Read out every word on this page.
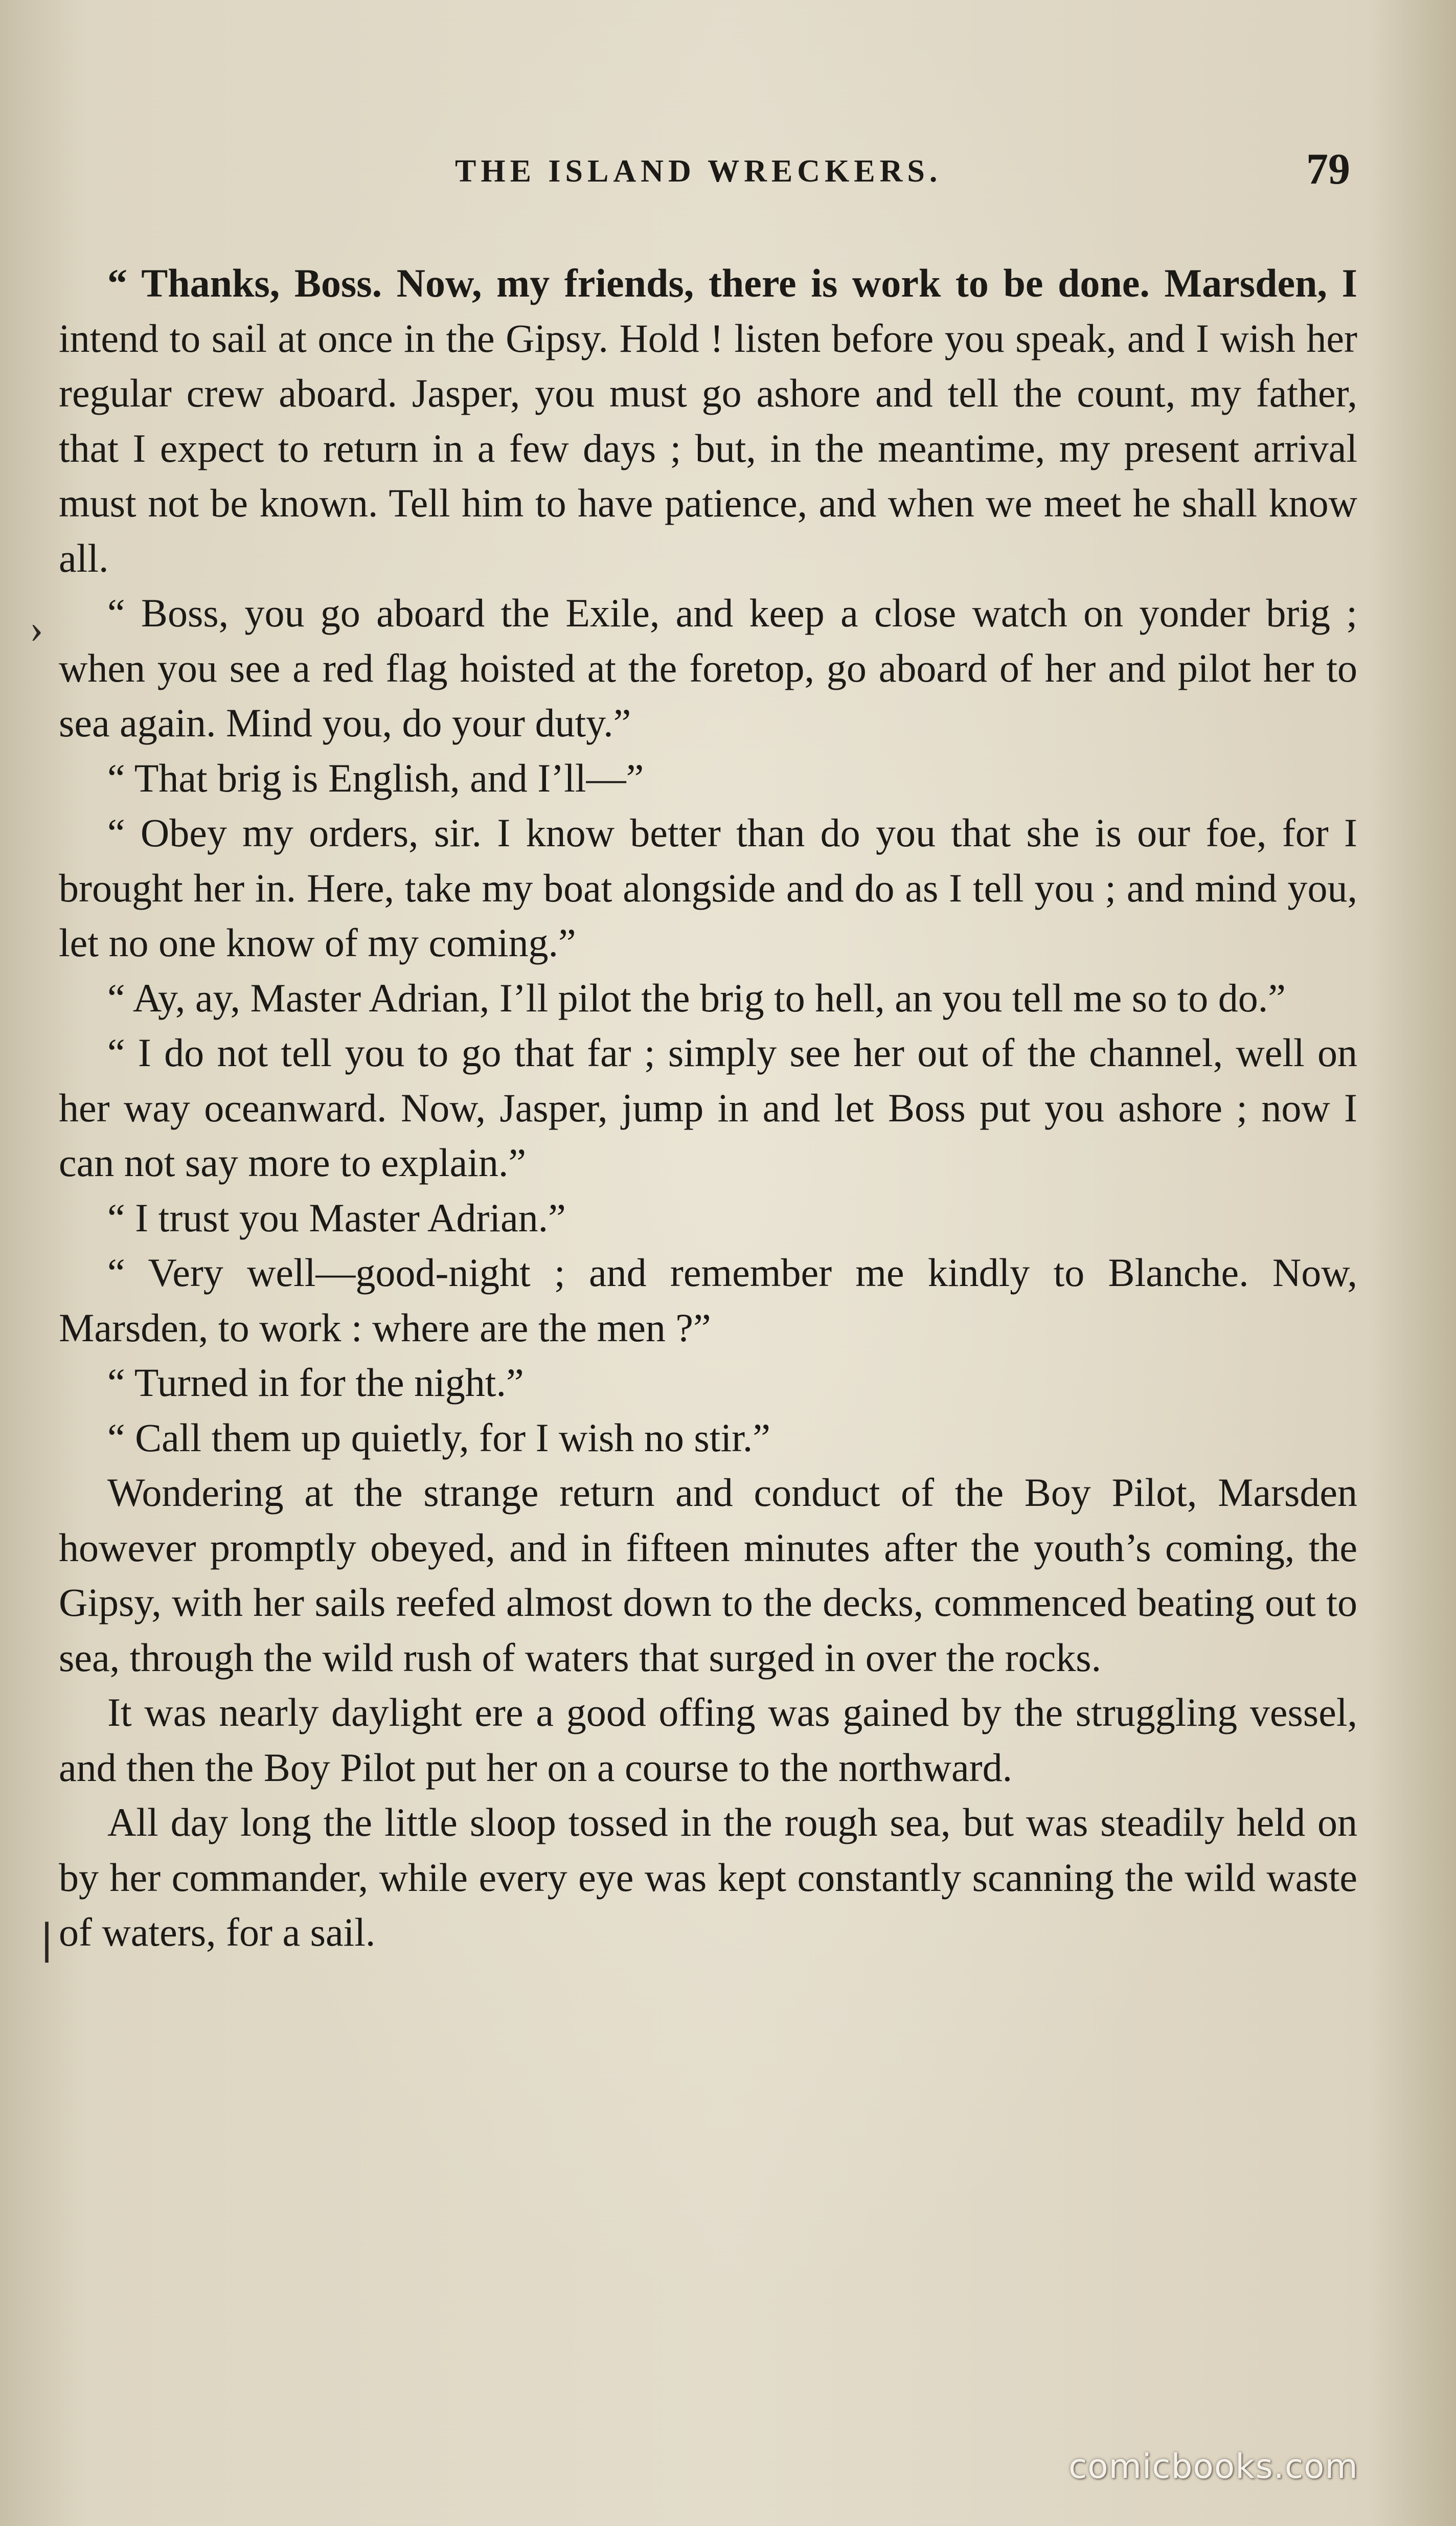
THE ISLAND WRECKERS.	79
›
❘

“ Thanks, Boss. Now, my friends, there is work to be done. Marsden, I intend to sail at once in the Gipsy. Hold ! listen before you speak, and I wish her regular crew aboard. Jasper, you must go ashore and tell the count, my father, that I expect to return in a few days ; but, in the meantime, my present arrival must not be known. Tell him to have patience, and when we meet he shall know all.

“ Boss, you go aboard the Exile, and keep a close watch on yonder brig ; when you see a red flag hoisted at the foretop, go aboard of her and pilot her to sea again. Mind you, do your duty.”

“ That brig is English, and I’ll—”

“ Obey my orders, sir. I know better than do you that she is our foe, for I brought her in. Here, take my boat alongside and do as I tell you ; and mind you, let no one know of my coming.”

“ Ay, ay, Master Adrian, I’ll pilot the brig to hell, an you tell me so to do.”

“ I do not tell you to go that far ; simply see her out of the channel, well on her way oceanward. Now, Jasper, jump in and let Boss put you ashore ; now I can not say more to explain.”

“ I trust you Master Adrian.”

“ Very well—good-night ; and remember me kindly to Blanche. Now, Marsden, to work : where are the men ?”

“ Turned in for the night.”

“ Call them up quietly, for I wish no stir.”

Wondering at the strange return and conduct of the Boy Pilot, Marsden however promptly obeyed, and in fifteen minutes after the youth’s coming, the Gipsy, with her sails reefed almost down to the decks, commenced beating out to sea, through the wild rush of waters that surged in over the rocks.

It was nearly daylight ere a good offing was gained by the struggling vessel, and then the Boy Pilot put her on a course to the northward.

All day long the little sloop tossed in the rough sea, but was steadily held on by her commander, while every eye was kept constantly scanning the wild waste of waters, for a sail.

comicbooks.com
